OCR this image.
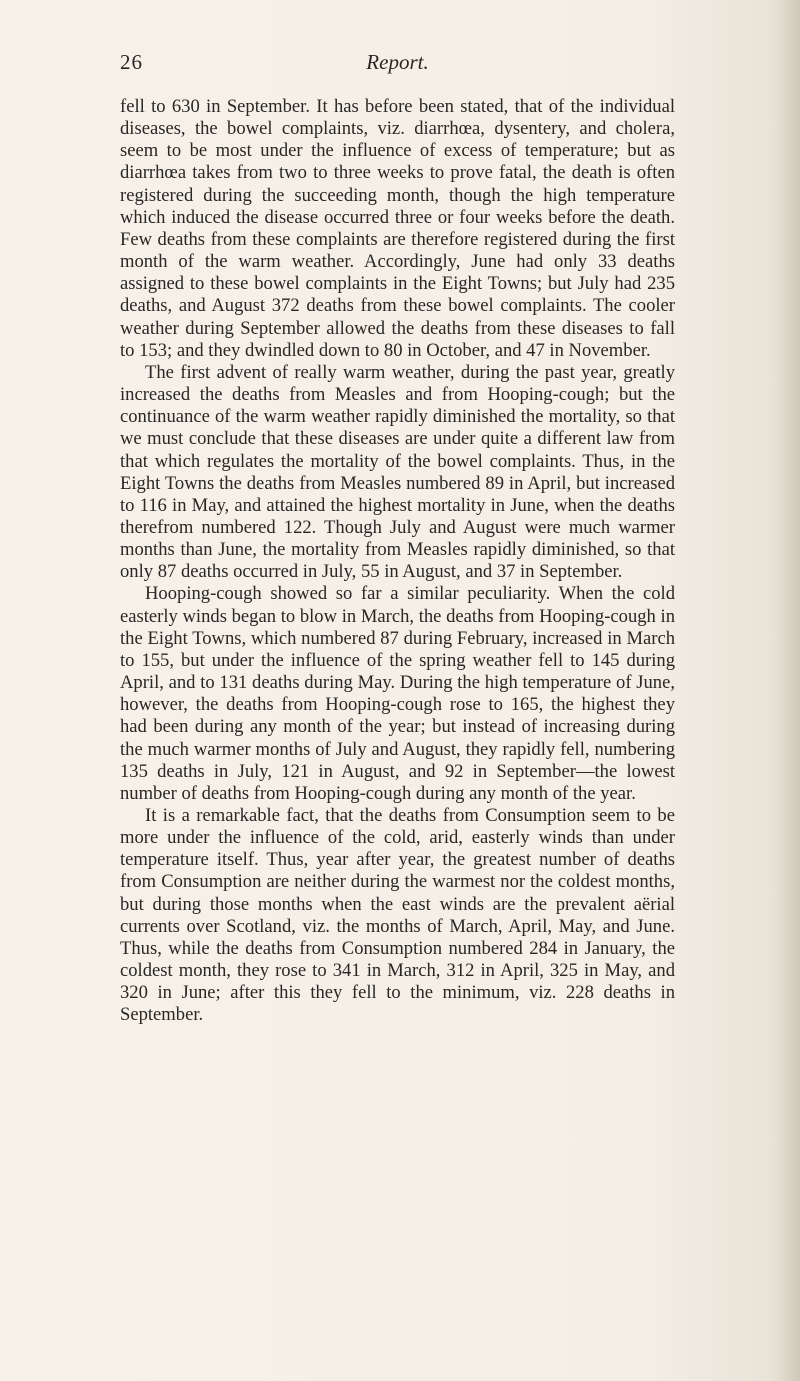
26	Report.

fell to 630 in September. It has before been stated, that of the individual diseases, the bowel complaints, viz. diarrhœa, dysentery, and cholera, seem to be most under the influence of excess of temperature; but as diarrhœa takes from two to three weeks to prove fatal, the death is often registered during the succeeding month, though the high temperature which induced the disease occurred three or four weeks before the death. Few deaths from these complaints are therefore registered during the first month of the warm weather. Accordingly, June had only 33 deaths assigned to these bowel complaints in the Eight Towns; but July had 235 deaths, and August 372 deaths from these bowel complaints. The cooler weather during September allowed the deaths from these diseases to fall to 153; and they dwindled down to 80 in October, and 47 in November.

The first advent of really warm weather, during the past year, greatly increased the deaths from Measles and from Hooping-cough; but the continuance of the warm weather rapidly diminished the mortality, so that we must conclude that these diseases are under quite a different law from that which regulates the mortality of the bowel complaints. Thus, in the Eight Towns the deaths from Measles numbered 89 in April, but increased to 116 in May, and attained the highest mortality in June, when the deaths therefrom numbered 122. Though July and August were much warmer months than June, the mortality from Measles rapidly diminished, so that only 87 deaths occurred in July, 55 in August, and 37 in September.

Hooping-cough showed so far a similar peculiarity. When the cold easterly winds began to blow in March, the deaths from Hooping-cough in the Eight Towns, which numbered 87 during February, increased in March to 155, but under the influence of the spring weather fell to 145 during April, and to 131 deaths during May. During the high temperature of June, however, the deaths from Hooping-cough rose to 165, the highest they had been during any month of the year; but instead of increasing during the much warmer months of July and August, they rapidly fell, numbering 135 deaths in July, 121 in August, and 92 in September—the lowest number of deaths from Hooping-cough during any month of the year.

It is a remarkable fact, that the deaths from Consumption seem to be more under the influence of the cold, arid, easterly winds than under temperature itself. Thus, year after year, the greatest number of deaths from Consumption are neither during the warmest nor the coldest months, but during those months when the east winds are the prevalent aërial currents over Scotland, viz. the months of March, April, May, and June. Thus, while the deaths from Consumption numbered 284 in January, the coldest month, they rose to 341 in March, 312 in April, 325 in May, and 320 in June; after this they fell to the minimum, viz. 228 deaths in September.
